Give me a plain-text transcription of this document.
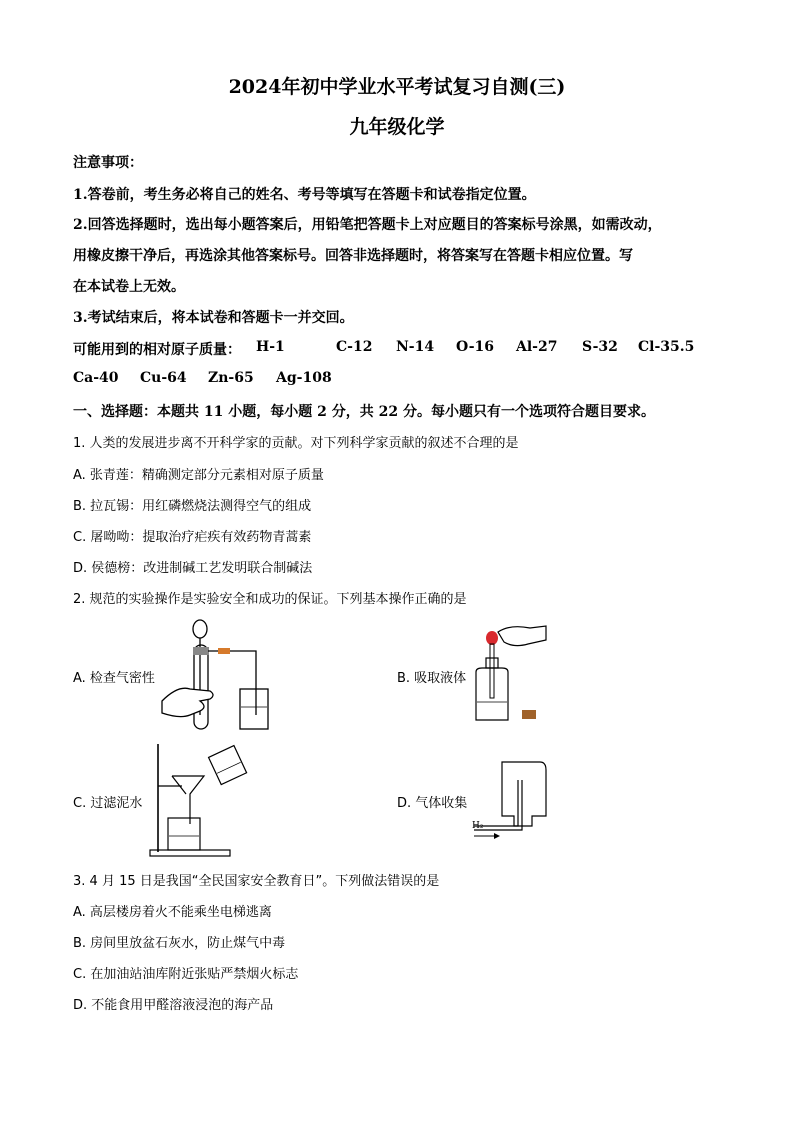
2024年初中学业水平考试复习自测(三)
九年级化学
注意事项：
1.答卷前，考生务必将自己的姓名、考号等填写在答题卡和试卷指定位置。
2.回答选择题时，选出每小题答案后，用铅笔把答题卡上对应题目的答案标号涂黑，如需改动，
用橡皮擦干净后，再选涂其他答案标号。回答非选择题时，将答案写在答题卡相应位置。写
在本试卷上无效。
3.考试结束后，将本试卷和答题卡一并交回。
可能用到的相对原子质量： H-1	C-12 N-14 O-16 Al-27 S-32 Cl-35.5
Ca-40 Cu-64 Zn-65 Ag-108
一、选择题：本题共 11 小题，每小题 2 分，共 22 分。每小题只有一个选项符合题目要求。
1. 人类的发展进步离不开科学家的贡献。对下列科学家贡献的叙述不合理的是
A. 张青莲：精确测定部分元素相对原子质量
B. 拉瓦锡：用红磷燃烧法测得空气的组成
C. 屠呦呦：提取治疗疟疾有效药物青蒿素
D. 侯德榜：改进制碱工艺发明联合制碱法
2. 规范的实验操作是实验安全和成功的保证。下列基本操作正确的是
A. 检查气密性	B. 吸取液体
C. 过滤泥水	D. 气体收集
H₂
3. 4 月 15 日是我国“全民国家安全教育日”。下列做法错误的是
A. 高层楼房着火不能乘坐电梯逃离
B. 房间里放盆石灰水，防止煤气中毒
C. 在加油站油库附近张贴严禁烟火标志
D. 不能食用甲醛溶液浸泡的海产品
